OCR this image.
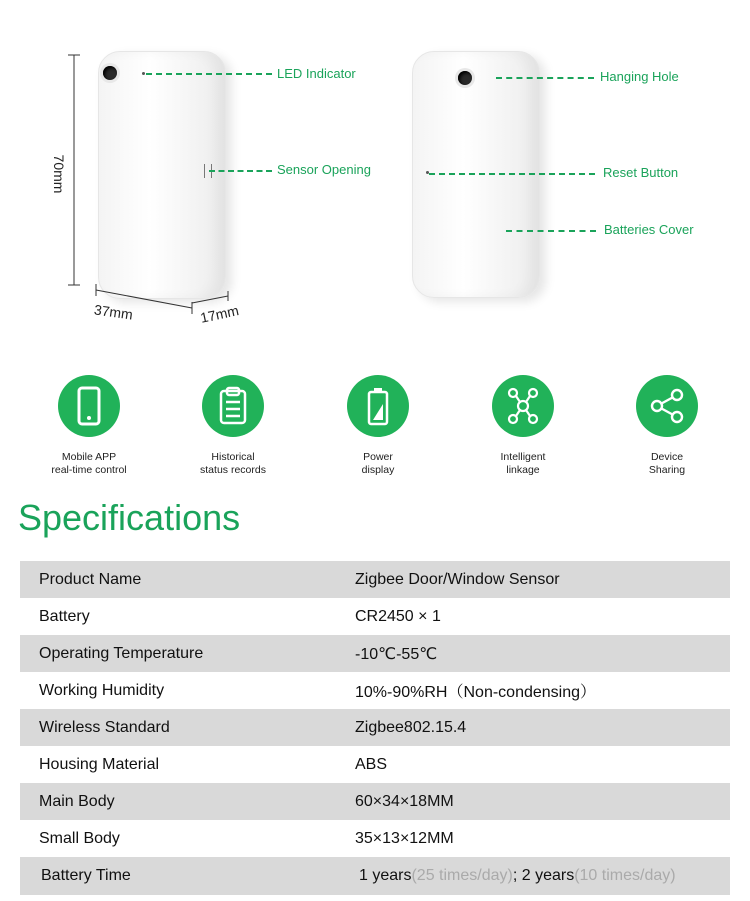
LED Indicator
Sensor Opening
Hanging Hole
Reset Button
Batteries Cover
70mm
37mm	17mm
Mobile APP
real-time control
Historical
status records
Power
display
Intelligent
linkage
Device
Sharing
Specifications
Product Name	Zigbee Door/Window Sensor
Battery	CR2450 × 1
Operating Temperature	-10℃-55℃
Working Humidity	10%-90%RH（Non-condensing）
Wireless Standard	Zigbee802.15.4
Housing Material	ABS
Main Body	60×34×18MM
Small Body	35×13×12MM
Battery Time	1 years(25 times/day); 2 years(10 times/day)
